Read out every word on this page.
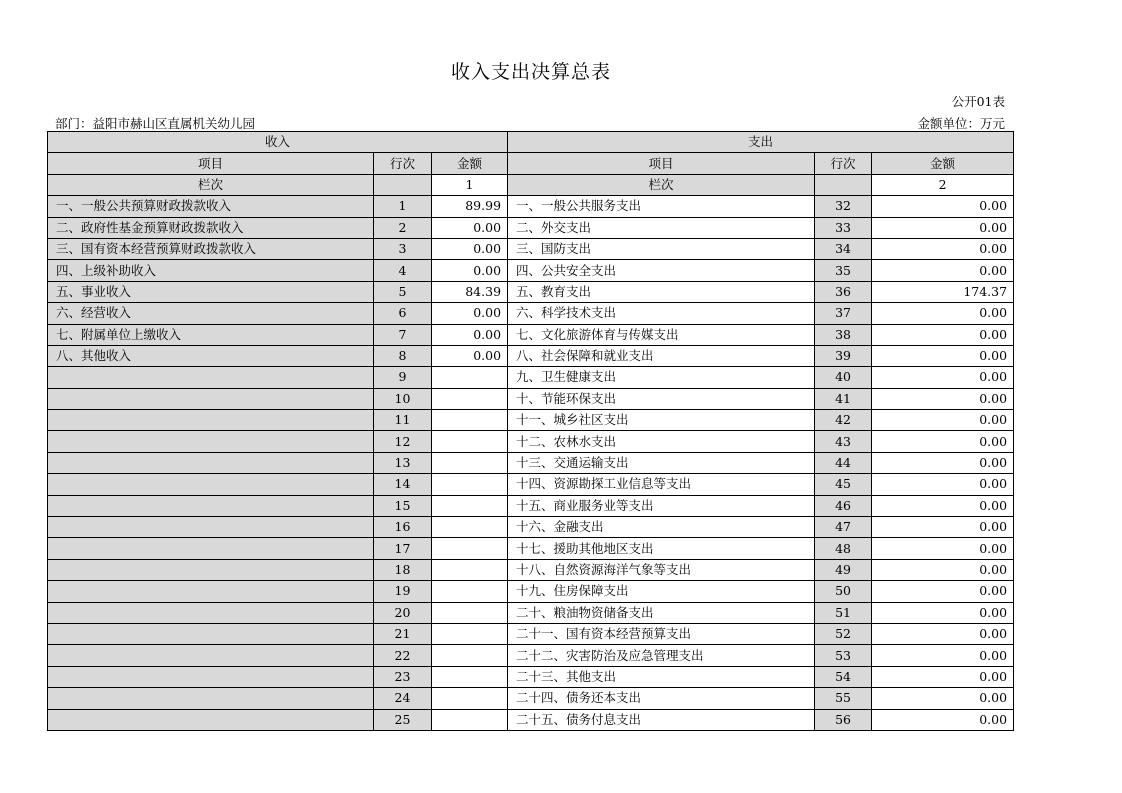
收入支出决算总表
公开01表
部门：益阳市赫山区直属机关幼儿园	金额单位：万元
收入			支出		
项目	行次	金额	项目	行次	金额
栏次		1	栏次		2
一、一般公共预算财政拨款收入	1	89.99	一、一般公共服务支出	32	0.00
二、政府性基金预算财政拨款收入	2	0.00	二、外交支出	33	0.00
三、国有资本经营预算财政拨款收入	3	0.00	三、国防支出	34	0.00
四、上级补助收入	4	0.00	四、公共安全支出	35	0.00
五、事业收入	5	84.39	五、教育支出	36	174.37
六、经营收入	6	0.00	六、科学技术支出	37	0.00
七、附属单位上缴收入	7	0.00	七、文化旅游体育与传媒支出	38	0.00
八、其他收入	8	0.00	八、社会保障和就业支出	39	0.00
	9		九、卫生健康支出	40	0.00
	10		十、节能环保支出	41	0.00
	11		十一、城乡社区支出	42	0.00
	12		十二、农林水支出	43	0.00
	13		十三、交通运输支出	44	0.00
	14		十四、资源勘探工业信息等支出	45	0.00
	15		十五、商业服务业等支出	46	0.00
	16		十六、金融支出	47	0.00
	17		十七、援助其他地区支出	48	0.00
	18		十八、自然资源海洋气象等支出	49	0.00
	19		十九、住房保障支出	50	0.00
	20		二十、粮油物资储备支出	51	0.00
	21		二十一、国有资本经营预算支出	52	0.00
	22		二十二、灾害防治及应急管理支出	53	0.00
	23		二十三、其他支出	54	0.00
	24		二十四、债务还本支出	55	0.00
	25		二十五、债务付息支出	56	0.00
